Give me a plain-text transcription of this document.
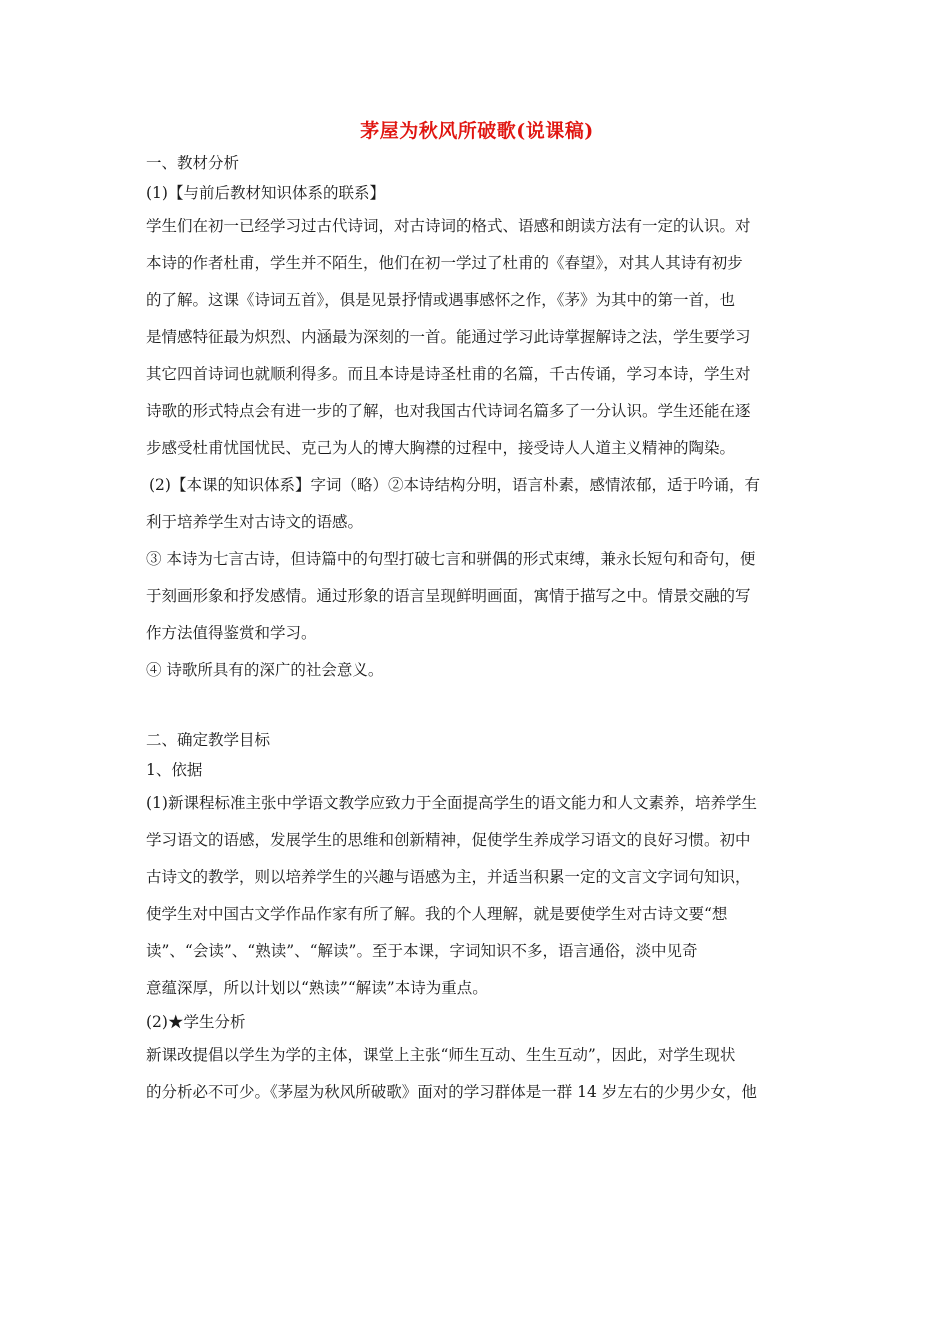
茅屋为秋风所破歌(说课稿)
一、教材分析
(1)【与前后教材知识体系的联系】
学生们在初一已经学习过古代诗词，对古诗词的格式、语感和朗读方法有一定的认识。对
本诗的作者杜甫，学生并不陌生，他们在初一学过了杜甫的《春望》，对其人其诗有初步
的了解。这课《诗词五首》，俱是见景抒情或遇事感怀之作，《茅》为其中的第一首，也
是情感特征最为炽烈、内涵最为深刻的一首。能通过学习此诗掌握解诗之法，学生要学习
其它四首诗词也就顺利得多。而且本诗是诗圣杜甫的名篇，千古传诵，学习本诗，学生对
诗歌的形式特点会有进一步的了解，也对我国古代诗词名篇多了一分认识。学生还能在逐
步感受杜甫忧国忧民、克己为人的博大胸襟的过程中，接受诗人人道主义精神的陶染。
(2)【本课的知识体系】字词（略）②本诗结构分明，语言朴素，感情浓郁，适于吟诵，有
利于培养学生对古诗文的语感。
③ 本诗为七言古诗，但诗篇中的句型打破七言和骈偶的形式束缚，兼永长短句和奇句，便
于刻画形象和抒发感情。通过形象的语言呈现鲜明画面，寓情于描写之中。情景交融的写
作方法值得鉴赏和学习。
④ 诗歌所具有的深广的社会意义。
二、确定教学目标
1、依据
(1)新课程标准主张中学语文教学应致力于全面提高学生的语文能力和人文素养，培养学生
学习语文的语感，发展学生的思维和创新精神，促使学生养成学习语文的良好习惯。初中
古诗文的教学，则以培养学生的兴趣与语感为主，并适当积累一定的文言文字词句知识，
使学生对中国古文学作品作家有所了解。我的个人理解，就是要使学生对古诗文要“想
读”、“会读”、“熟读”、“解读”。至于本课，字词知识不多，语言通俗，淡中见奇
意蕴深厚，所以计划以“熟读”“解读”本诗为重点。
(2)★学生分析
新课改提倡以学生为学的主体，课堂上主张“师生互动、生生互动”，因此，对学生现状
的分析必不可少。《茅屋为秋风所破歌》面对的学习群体是一群 14 岁左右的少男少女，他
